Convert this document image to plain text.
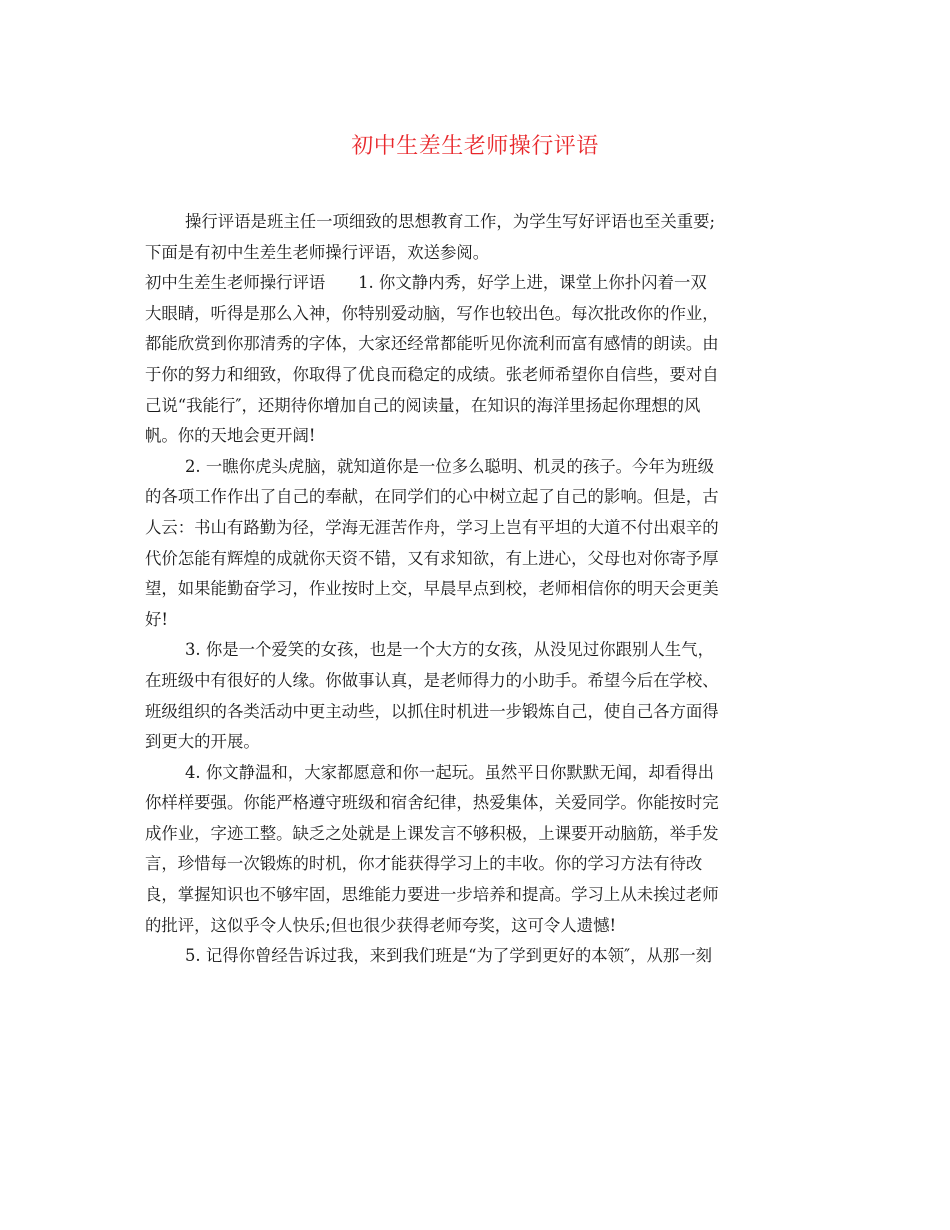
初中生差生老师操行评语
操行评语是班主任一项细致的思想教育工作，为学生写好评语也至关重要;
下面是有初中生差生老师操行评语，欢送参阅。
初中生差生老师操行评语　　1. 你文静内秀，好学上进，课堂上你扑闪着一双
大眼睛，听得是那么入神，你特别爱动脑，写作也较出色。每次批改你的作业，
都能欣赏到你那清秀的字体，大家还经常都能听见你流利而富有感情的朗读。由
于你的努力和细致，你取得了优良而稳定的成绩。张老师希望你自信些，要对自
己说“我能行″，还期待你增加自己的阅读量，在知识的海洋里扬起你理想的风
帆。你的天地会更开阔!
2. 一瞧你虎头虎脑，就知道你是一位多么聪明、机灵的孩子。今年为班级
的各项工作作出了自己的奉献，在同学们的心中树立起了自己的影响。但是，古
人云：书山有路勤为径，学海无涯苦作舟，学习上岂有平坦的大道不付出艰辛的
代价怎能有辉煌的成就你天资不错，又有求知欲，有上进心，父母也对你寄予厚
望，如果能勤奋学习，作业按时上交，早晨早点到校，老师相信你的明天会更美
好!
3. 你是一个爱笑的女孩，也是一个大方的女孩，从没见过你跟别人生气，
在班级中有很好的人缘。你做事认真，是老师得力的小助手。希望今后在学校、
班级组织的各类活动中更主动些，以抓住时机进一步锻炼自己，使自己各方面得
到更大的开展。
4. 你文静温和，大家都愿意和你一起玩。虽然平日你默默无闻，却看得出
你样样要强。你能严格遵守班级和宿舍纪律，热爱集体，关爱同学。你能按时完
成作业，字迹工整。缺乏之处就是上课发言不够积极，上课要开动脑筋，举手发
言，珍惜每一次锻炼的时机，你才能获得学习上的丰收。你的学习方法有待改
良，掌握知识也不够牢固，思维能力要进一步培养和提高。学习上从未挨过老师
的批评，这似乎令人快乐;但也很少获得老师夸奖，这可令人遗憾!
5. 记得你曾经告诉过我，来到我们班是“为了学到更好的本领″，从那一刻
